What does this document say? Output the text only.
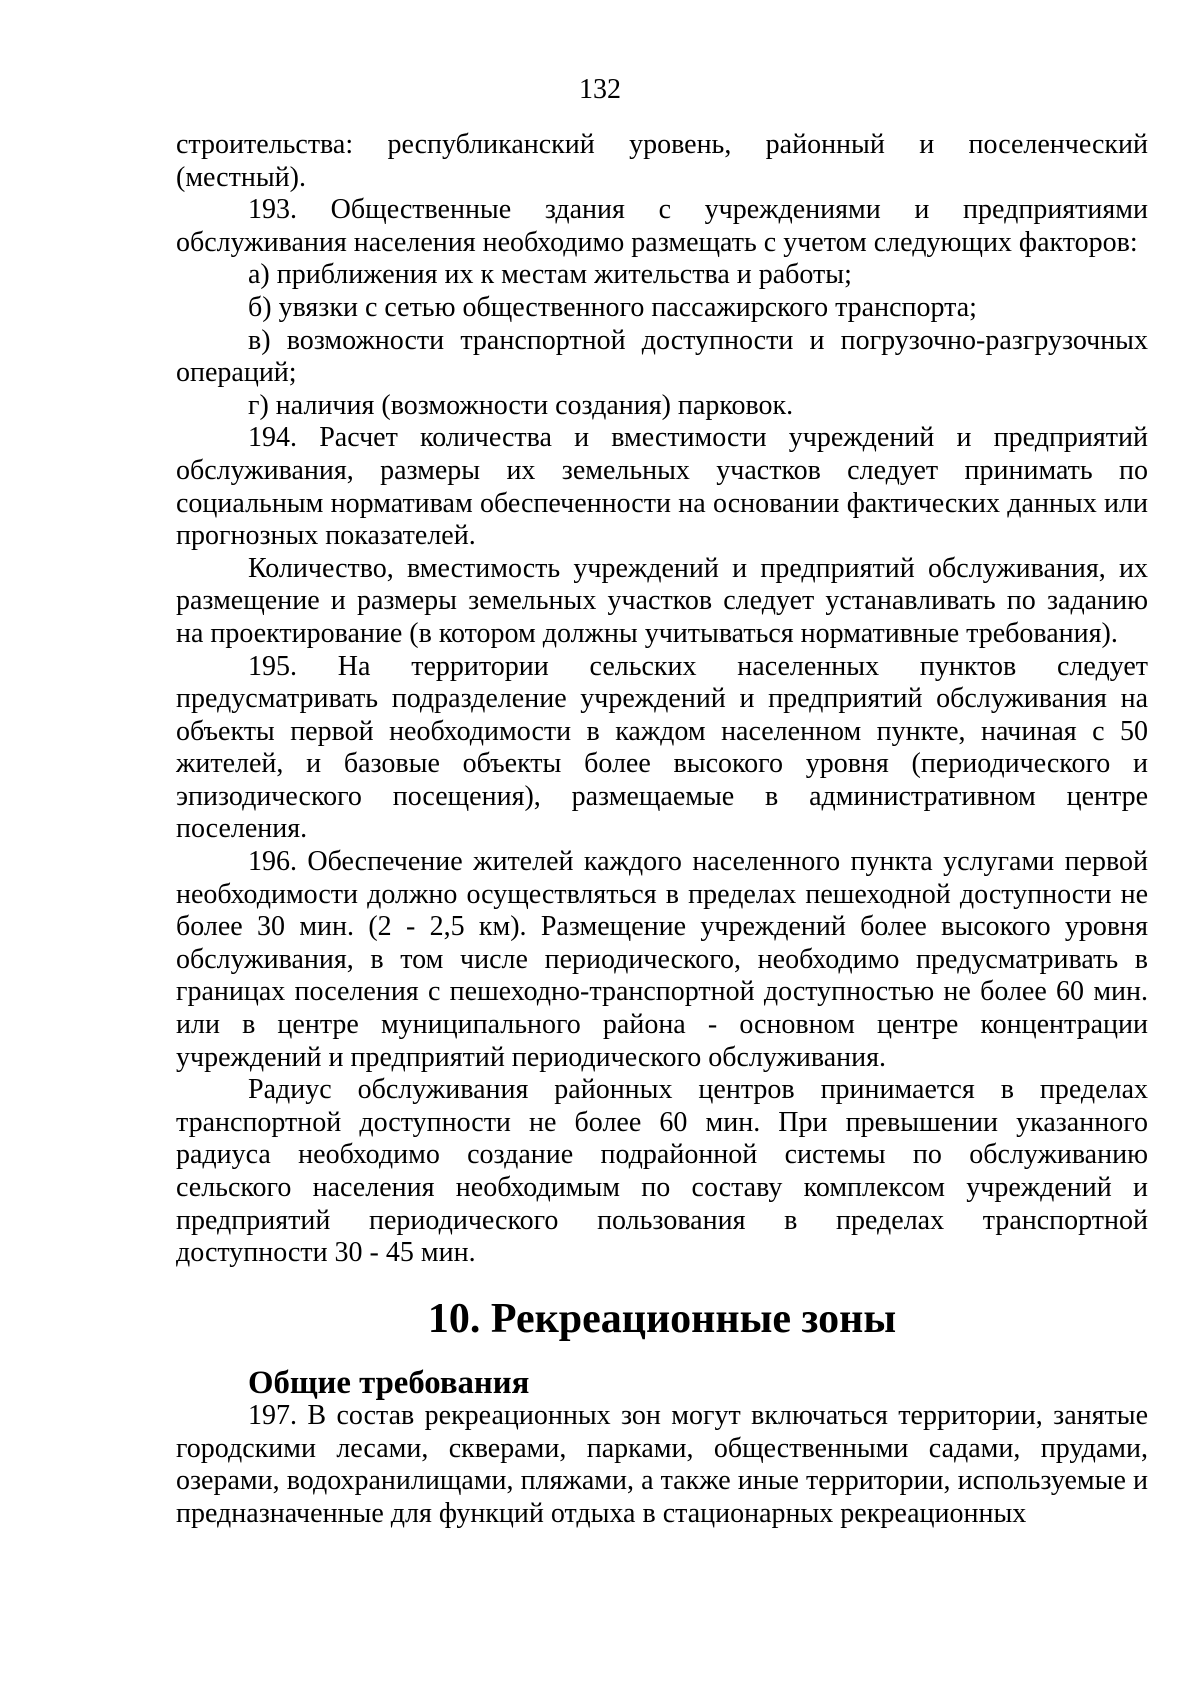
132

строительства: республиканский уровень, районный и поселенческий (местный).

193. Общественные здания с учреждениями и предприятиями обслуживания населения необходимо размещать с учетом следующих факторов:

а) приближения их к местам жительства и работы;

б) увязки с сетью общественного пассажирского транспорта;

в) возможности транспортной доступности и погрузочно-разгрузочных операций;

г) наличия (возможности создания) парковок.

194. Расчет количества и вместимости учреждений и предприятий обслуживания, размеры их земельных участков следует принимать по социальным нормативам обеспеченности на основании фактических данных или прогнозных показателей.

Количество, вместимость учреждений и предприятий обслуживания, их размещение и размеры земельных участков следует устанавливать по заданию на проектирование (в котором должны учитываться нормативные требования).

195. На территории сельских населенных пунктов следует предусматривать подразделение учреждений и предприятий обслуживания на объекты первой необходимости в каждом населенном пункте, начиная с 50 жителей, и базовые объекты более высокого уровня (периодического и эпизодического посещения), размещаемые в административном центре поселения.

196. Обеспечение жителей каждого населенного пункта услугами первой необходимости должно осуществляться в пределах пешеходной доступности не более 30 мин. (2 - 2,5 км). Размещение учреждений более высокого уровня обслуживания, в том числе периодического, необходимо предусматривать в границах поселения с пешеходно-транспортной доступностью не более 60 мин. или в центре муниципального района - основном центре концентрации учреждений и предприятий периодического обслуживания.

Радиус обслуживания районных центров принимается в пределах транспортной доступности не более 60 мин. При превышении указанного радиуса необходимо создание подрайонной системы по обслуживанию сельского населения необходимым по составу комплексом учреждений и предприятий периодического пользования в пределах транспортной доступности 30 - 45 мин.

10. Рекреационные зоны
Общие требования

197. В состав рекреационных зон могут включаться территории, занятые городскими лесами, скверами, парками, общественными садами, прудами, озерами, водохранилищами, пляжами, а также иные территории, используемые и предназначенные для функций отдыха в стационарных рекреационных
